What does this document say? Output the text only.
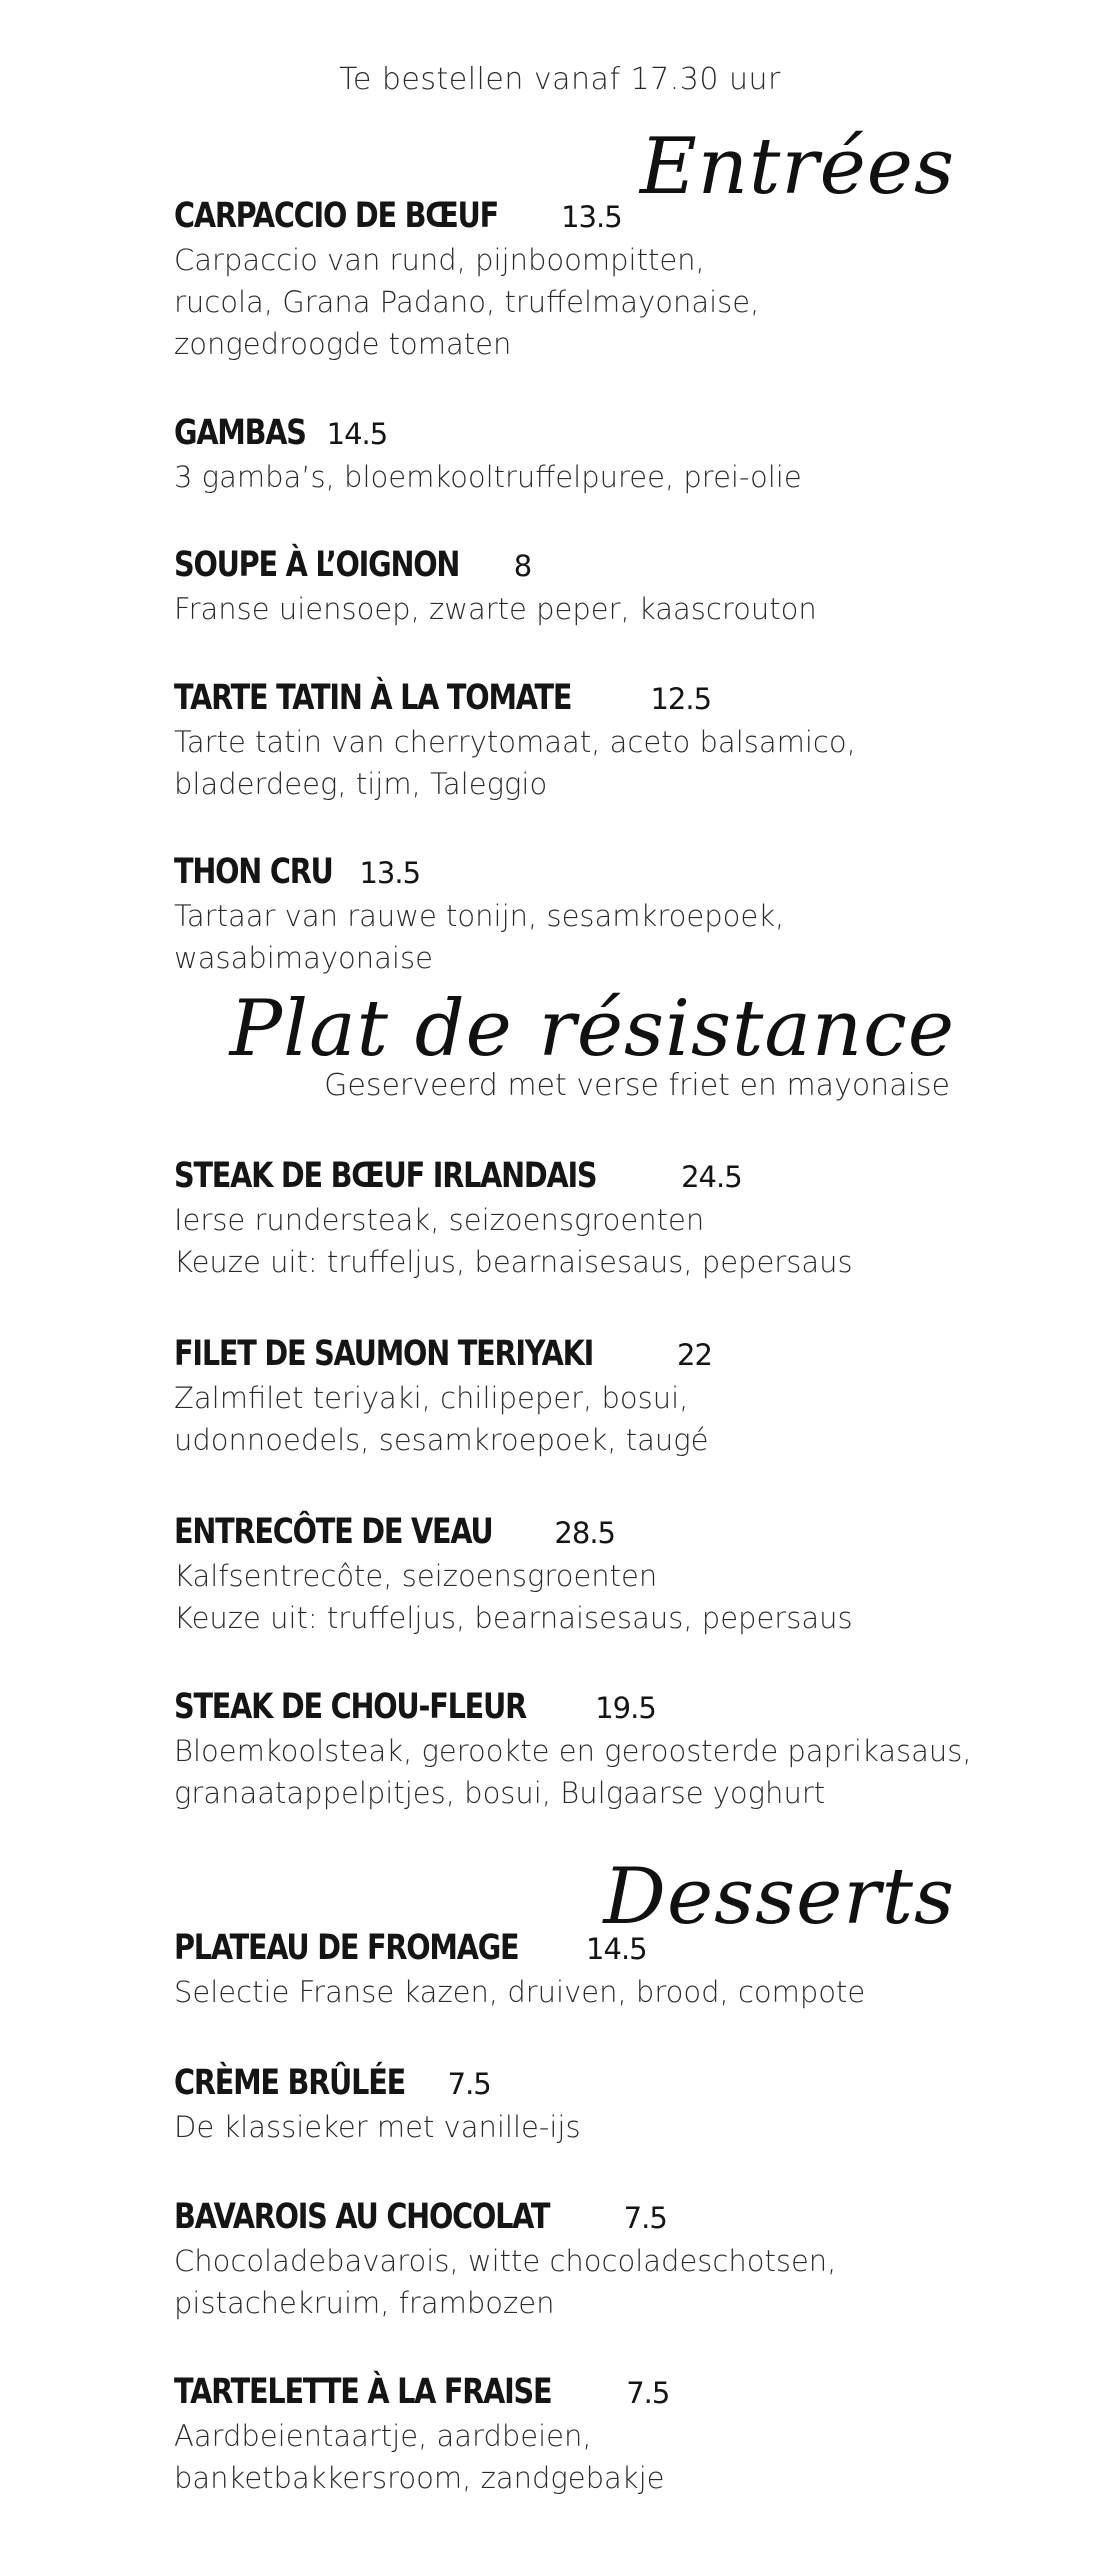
Te bestellen vanaf 17.30 uur
Entrées
CARPACCIO DE BŒUF 13.5
Carpaccio van rund, pijnboompitten,
rucola, Grana Padano, truffelmayonaise,
zongedroogde tomaten
GAMBAS 14.5
3 gamba’s, bloemkooltruffelpuree, prei-olie
SOUPE À L’OIGNON 8
Franse uiensoep, zwarte peper, kaascrouton
TARTE TATIN À LA TOMATE	12.5
Tarte tatin van cherrytomaat, aceto balsamico,
bladerdeeg, tijm, Taleggio
THON CRU 13.5
Tartaar van rauwe tonijn, sesamkroepoek,
wasabimayonaise
Plat de résistance
Geserveerd met verse friet en mayonaise
STEAK DE BŒUF IRLANDAIS	24.5
Ierse rundersteak, seizoensgroenten
Keuze uit: truffeljus, bearnaisesaus, pepersaus
FILET DE SAUMON TERIYAKI	22
Zalmfilet teriyaki, chilipeper, bosui,
udonnoedels, sesamkroepoek, taugé
ENTRECÔTE DE VEAU 28.5
Kalfsentrecôte, seizoensgroenten
Keuze uit: truffeljus, bearnaisesaus, pepersaus
STEAK DE CHOU-FLEUR 19.5
Bloemkoolsteak, gerookte en geroosterde paprikasaus,
granaatappelpitjes, bosui, Bulgaarse yoghurt
Desserts
PLATEAU DE FROMAGE 14.5
Selectie Franse kazen, druiven, brood, compote
CRÈME BRÛLÉE 7.5
De klassieker met vanille-ijs
BAVAROIS AU CHOCOLAT	7.5
Chocoladebavarois, witte chocoladeschotsen,
pistachekruim, frambozen
TARTELETTE À LA FRAISE	7.5
Aardbeientaartje, aardbeien,
banketbakkersroom, zandgebakje
